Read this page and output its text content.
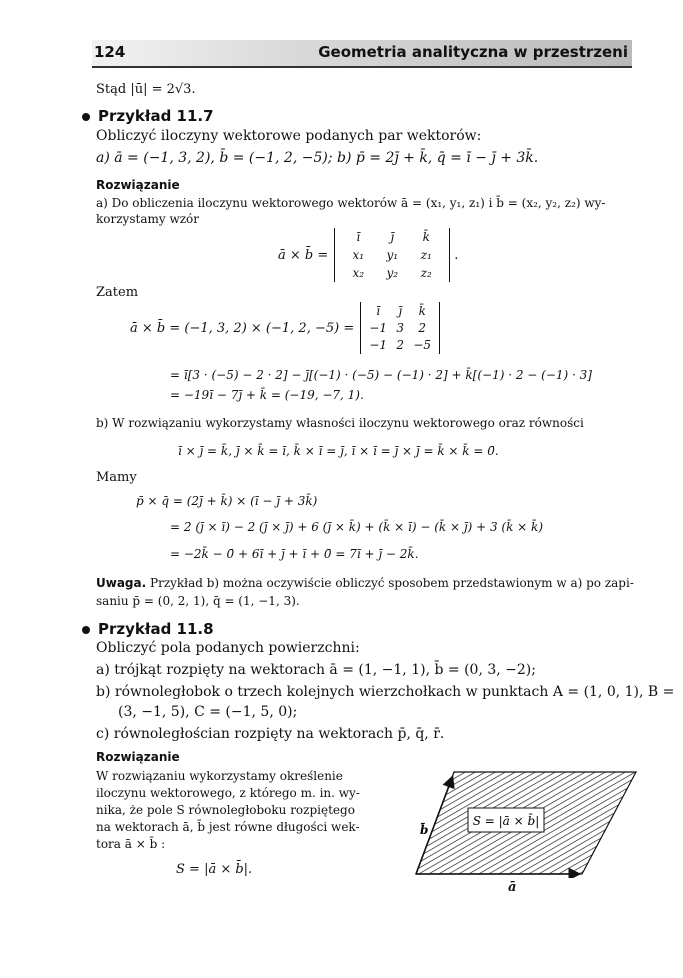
124	Geometria analityczna w przestrzeni
Stąd |ū| = 2√3.
Przykład 11.7
Obliczyć iloczyny wektorowe podanych par wektorów:
a) ā = (−1, 3, 2), b̄ = (−1, 2, −5); b) p̄ = 2j̄ + k̄, q̄ = ī − j̄ + 3k̄.
Rozwiązanie
a) Do obliczenia iloczynu wektorowego wektorów ā = (x₁, y₁, z₁) i b̄ = (x₂, y₂, z₂) wy-
korzystamy wzór
ā × b̄ =
ī	j̄	k̄
x₁	y₁	z₁
x₂	y₂	z₂
.
Zatem
ā × b̄ = (−1, 3, 2) × (−1, 2, −5) =
ī	j̄	k̄
−1 3	2
−1 2 −5
= ī[3 · (−5) − 2 · 2] − j̄[(−1) · (−5) − (−1) · 2] + k̄[(−1) · 2 − (−1) · 3]
= −19ī − 7j̄ + k̄ = (−19, −7, 1).
b) W rozwiązaniu wykorzystamy własności iloczynu wektorowego oraz równości
ī × j̄ = k̄, j̄ × k̄ = ī, k̄ × ī = j̄, ī × ī = j̄ × j̄ = k̄ × k̄ = 0̄.
Mamy
p̄ × q̄ = (2j̄ + k̄) × (ī − j̄ + 3k̄)
= 2 (j̄ × ī) − 2 (j̄ × j̄) + 6 (j̄ × k̄) + (k̄ × ī) − (k̄ × j̄) + 3 (k̄ × k̄)
= −2k̄ − 0̄ + 6ī + j̄ + ī + 0̄ = 7ī + j̄ − 2k̄.
Uwaga. Przykład b) można oczywiście obliczyć sposobem przedstawionym w a) po zapi-
saniu p̄ = (0, 2, 1), q̄ = (1, −1, 3).
Przykład 11.8
Obliczyć pola podanych powierzchni:
a) trójkąt rozpięty na wektorach ā = (1, −1, 1), b̄ = (0, 3, −2);
b) równoległobok o trzech kolejnych wierzchołkach w punktach A = (1, 0, 1), B =
(3, −1, 5), C = (−1, 5, 0);
c) równoległościan rozpięty na wektorach p̄, q̄, r̄.
Rozwiązanie
W rozwiązaniu wykorzystamy określenie
iloczynu wektorowego, z którego m. in. wy-
nika, że pole S równoległoboku rozpiętego
na wektorach ā, b̄ jest równe długości wek-
tora ā × b̄ :
S = |ā × b̄|.
S = |ā × b̄|
b̄
ā
